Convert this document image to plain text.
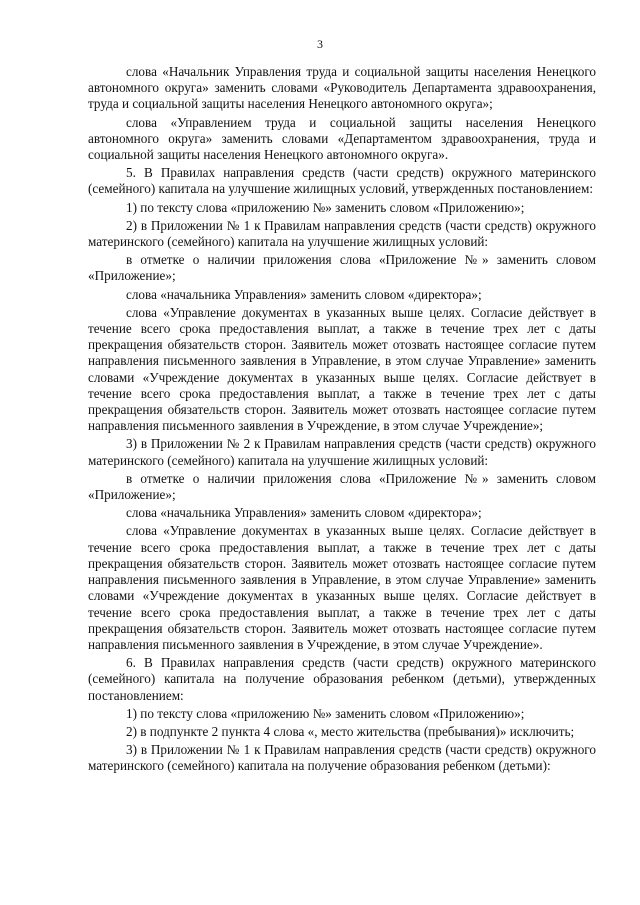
3

слова «Начальник Управления труда и социальной защиты населения Ненецкого автономного округа» заменить словами «Руководитель Департамента здравоохранения, труда и социальной защиты населения Ненецкого автономного округа»;

слова «Управлением труда и социальной защиты населения Ненецкого автономного округа» заменить словами «Департаментом здравоохранения, труда и социальной защиты населения Ненецкого автономного округа».

5. В Правилах направления средств (части средств) окружного материнского (семейного) капитала на улучшение жилищных условий, утвержденных постановлением:

1) по тексту слова «приложению №» заменить словом «Приложению»;

2) в Приложении № 1 к Правилам направления средств (части средств) окружного материнского (семейного) капитала на улучшение жилищных условий:

в отметке о наличии приложения слова «Приложение №» заменить словом «Приложение»;

слова «начальника Управления» заменить словом «директора»;

слова «Управление документах в указанных выше целях. Согласие действует в течение всего срока предоставления выплат, а также в течение трех лет с даты прекращения обязательств сторон. Заявитель может отозвать настоящее согласие путем направления письменного заявления в Управление, в этом случае Управление» заменить словами «Учреждение документах в указанных выше целях. Согласие действует в течение всего срока предоставления выплат, а также в течение трех лет с даты прекращения обязательств сторон. Заявитель может отозвать настоящее согласие путем направления письменного заявления в Учреждение, в этом случае Учреждение»;

3) в Приложении № 2 к Правилам направления средств (части средств) окружного материнского (семейного) капитала на улучшение жилищных условий:

в отметке о наличии приложения слова «Приложение №» заменить словом «Приложение»;

слова «начальника Управления» заменить словом «директора»;

слова «Управление документах в указанных выше целях. Согласие действует в течение всего срока предоставления выплат, а также в течение трех лет с даты прекращения обязательств сторон. Заявитель может отозвать настоящее согласие путем направления письменного заявления в Управление, в этом случае Управление» заменить словами «Учреждение документах в указанных выше целях. Согласие действует в течение всего срока предоставления выплат, а также в течение трех лет с даты прекращения обязательств сторон. Заявитель может отозвать настоящее согласие путем направления письменного заявления в Учреждение, в этом случае Учреждение».

6. В Правилах направления средств (части средств) окружного материнского (семейного) капитала на получение образования ребенком (детьми), утвержденных постановлением:

1) по тексту слова «приложению №» заменить словом «Приложению»;

2) в подпункте 2 пункта 4 слова «, место жительства (пребывания)» исключить;

3) в Приложении № 1 к Правилам направления средств (части средств) окружного материнского (семейного) капитала на получение образования ребенком (детьми):
